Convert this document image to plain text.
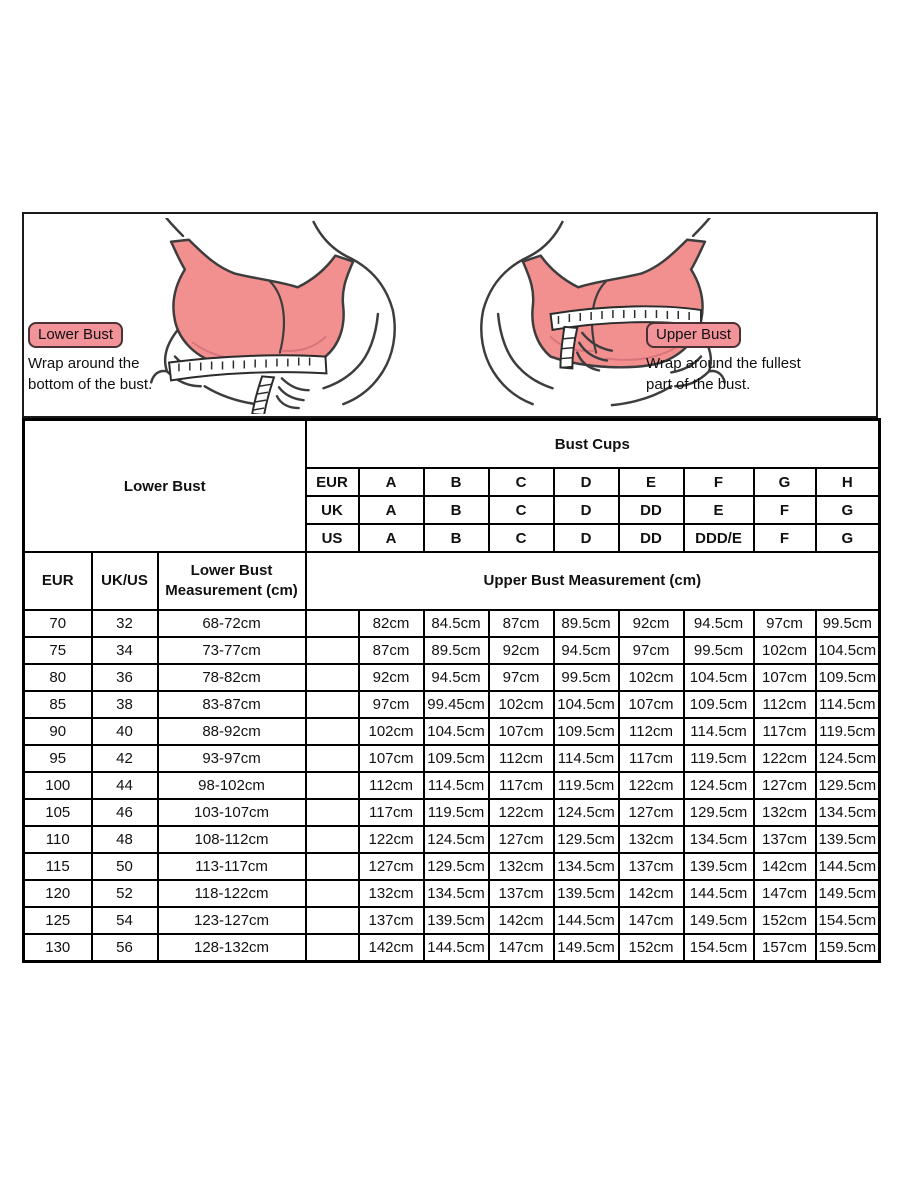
Lower Bust
Wrap around the
bottom of the bust.
Upper Bust
Wrap around the fullest
part of the bust.
Lower Bust			Bust Cups								
			EUR	A	B	C	D	E	F	G	H
			UK	A	B	C	D	DD	E	F	G
			US	A	B	C	D	DD	DDD/E	F	G
EUR	UK/US	Lower Bust Measurement (cm)	Upper Bust Measurement (cm)								
70	32	68-72cm		82cm	84.5cm	87cm	89.5cm	92cm	94.5cm	97cm	99.5cm
75	34	73-77cm		87cm	89.5cm	92cm	94.5cm	97cm	99.5cm	102cm	104.5cm
80	36	78-82cm		92cm	94.5cm	97cm	99.5cm	102cm	104.5cm	107cm	109.5cm
85	38	83-87cm		97cm	99.45cm	102cm	104.5cm	107cm	109.5cm	112cm	114.5cm
90	40	88-92cm		102cm	104.5cm	107cm	109.5cm	112cm	114.5cm	117cm	119.5cm
95	42	93-97cm		107cm	109.5cm	112cm	114.5cm	117cm	119.5cm	122cm	124.5cm
100	44	98-102cm		112cm	114.5cm	117cm	119.5cm	122cm	124.5cm	127cm	129.5cm
105	46	103-107cm		117cm	119.5cm	122cm	124.5cm	127cm	129.5cm	132cm	134.5cm
110	48	108-112cm		122cm	124.5cm	127cm	129.5cm	132cm	134.5cm	137cm	139.5cm
115	50	113-117cm		127cm	129.5cm	132cm	134.5cm	137cm	139.5cm	142cm	144.5cm
120	52	118-122cm		132cm	134.5cm	137cm	139.5cm	142cm	144.5cm	147cm	149.5cm
125	54	123-127cm		137cm	139.5cm	142cm	144.5cm	147cm	149.5cm	152cm	154.5cm
130	56	128-132cm		142cm	144.5cm	147cm	149.5cm	152cm	154.5cm	157cm	159.5cm
